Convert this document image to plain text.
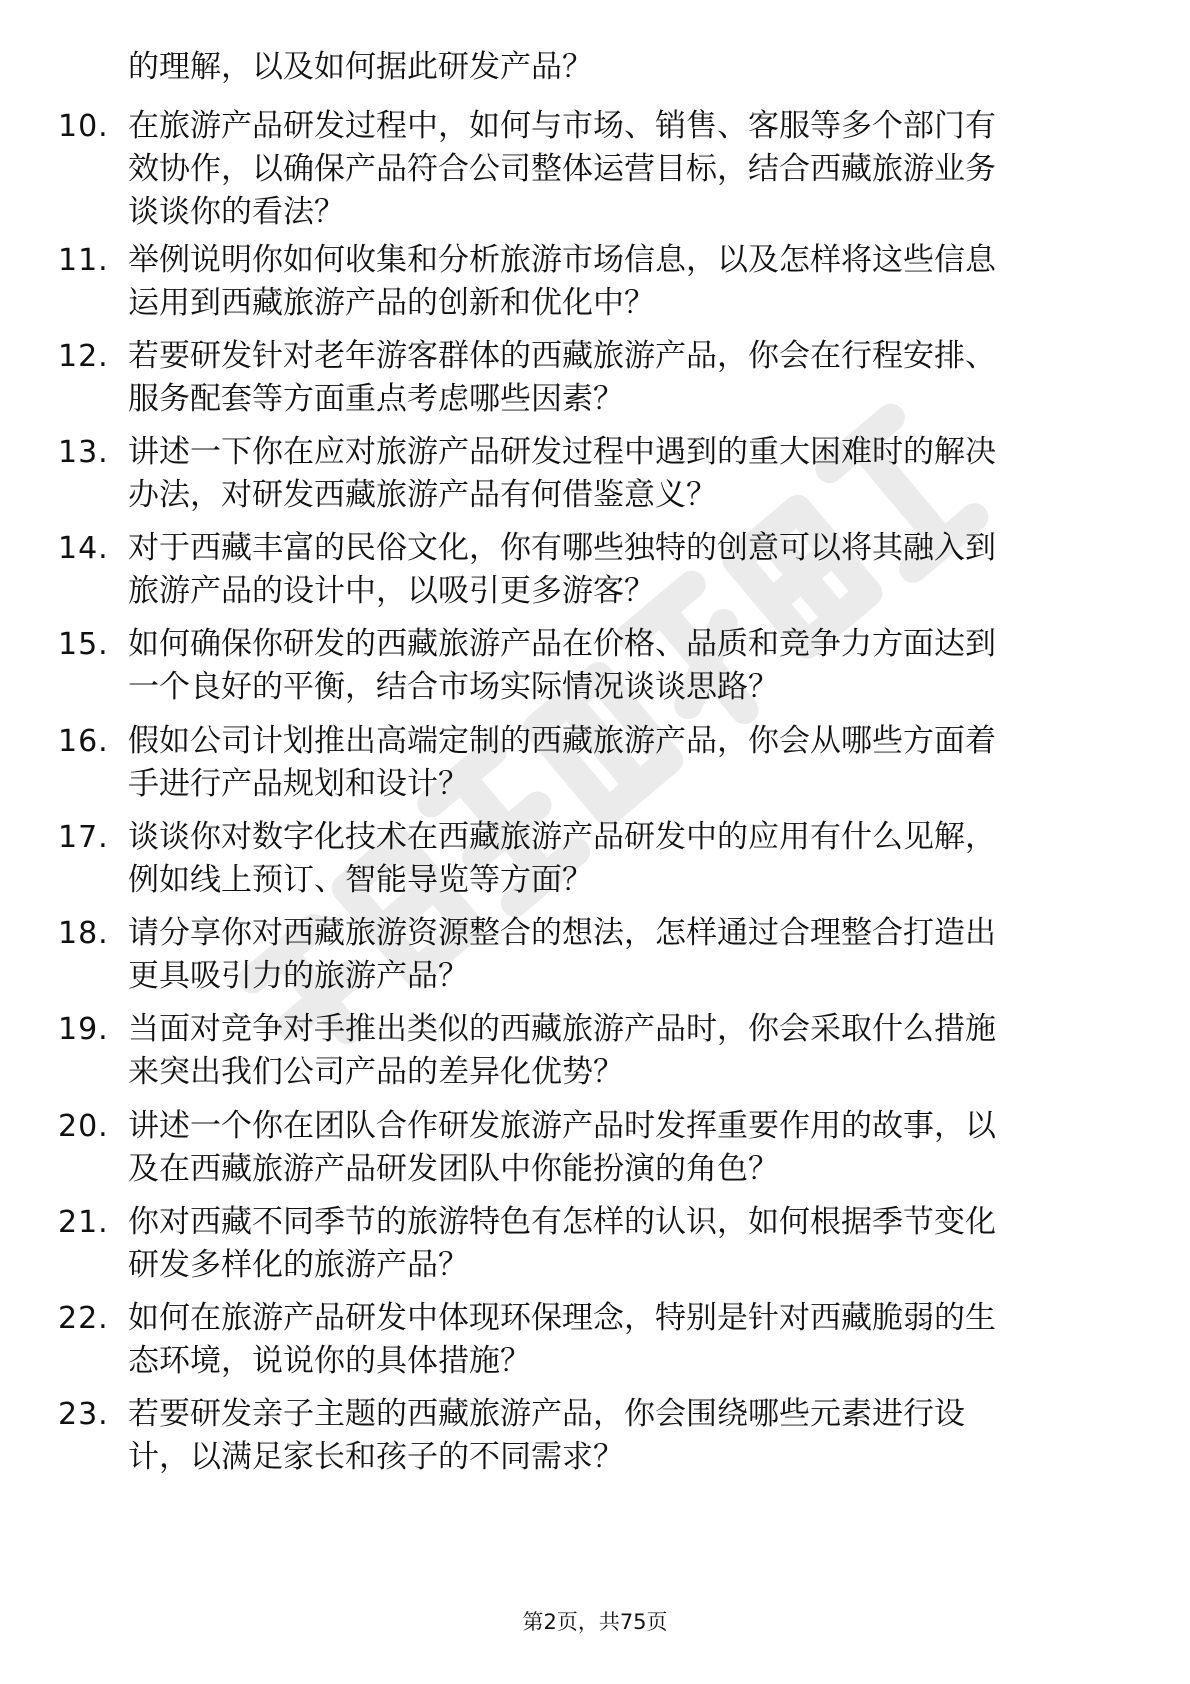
的理解，以及如何据此研发产品？

10. 在旅游产品研发过程中，如何与市场、销售、客服等多个部门有
效协作，以确保产品符合公司整体运营目标，结合西藏旅游业务
谈谈你的看法？
11. 举例说明你如何收集和分析旅游市场信息，以及怎样将这些信息
运用到西藏旅游产品的创新和优化中？
12. 若要研发针对老年游客群体的西藏旅游产品，你会在行程安排、
服务配套等方面重点考虑哪些因素？
13. 讲述一下你在应对旅游产品研发过程中遇到的重大困难时的解决
办法，对研发西藏旅游产品有何借鉴意义？
14. 对于西藏丰富的民俗文化，你有哪些独特的创意可以将其融入到
旅游产品的设计中，以吸引更多游客？
15. 如何确保你研发的西藏旅游产品在价格、品质和竞争力方面达到
一个良好的平衡，结合市场实际情况谈谈思路？
16. 假如公司计划推出高端定制的西藏旅游产品，你会从哪些方面着
手进行产品规划和设计？
17. 谈谈你对数字化技术在西藏旅游产品研发中的应用有什么见解，
例如线上预订、智能导览等方面？
18. 请分享你对西藏旅游资源整合的想法，怎样通过合理整合打造出
更具吸引力的旅游产品？
19. 当面对竞争对手推出类似的西藏旅游产品时，你会采取什么措施
来突出我们公司产品的差异化优势？
20. 讲述一个你在团队合作研发旅游产品时发挥重要作用的故事，以
及在西藏旅游产品研发团队中你能扮演的角色？
21. 你对西藏不同季节的旅游特色有怎样的认识，如何根据季节变化
研发多样化的旅游产品？
22. 如何在旅游产品研发中体现环保理念，特别是针对西藏脆弱的生
态环境，说说你的具体措施？
23. 若要研发亲子主题的西藏旅游产品，你会围绕哪些元素进行设
计，以满足家长和孩子的不同需求？
第2页，共75页
